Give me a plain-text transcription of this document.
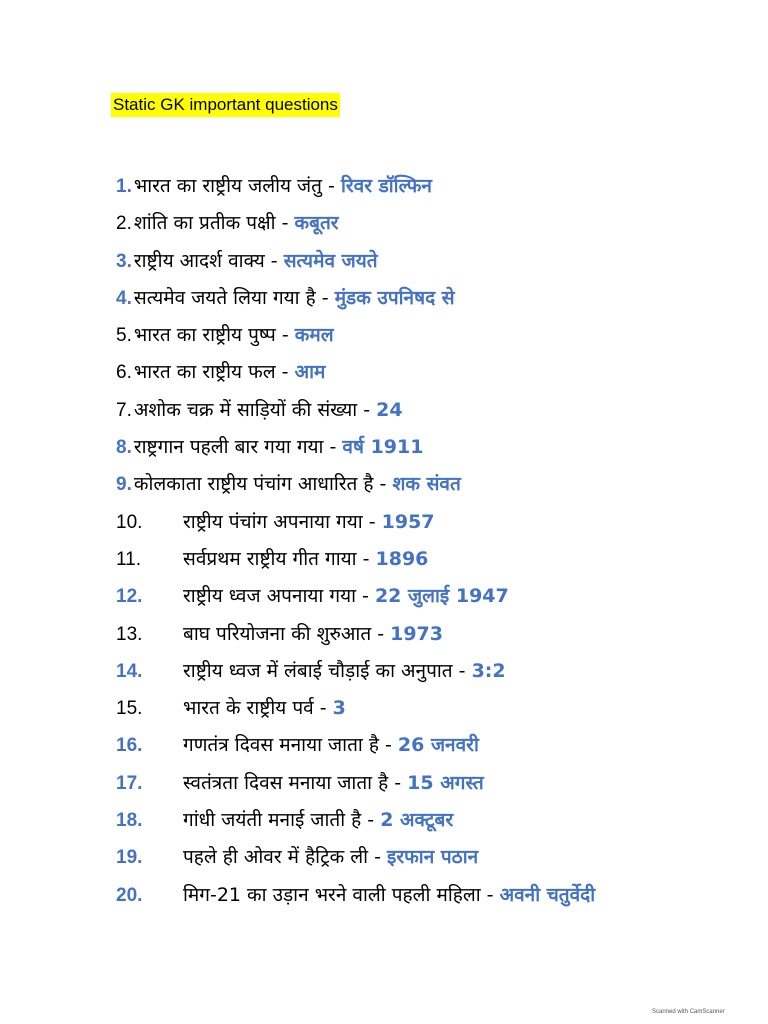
Static GK important questions
1. भारत का राष्ट्रीय जलीय जंतु - रिवर डॉल्फिन
2. शांति का प्रतीक पक्षी - कबूतर
3. राष्ट्रीय आदर्श वाक्य - सत्यमेव जयते
4. सत्यमेव जयते लिया गया है - मुंडक उपनिषद से
5. भारत का राष्ट्रीय पुष्प - कमल
6. भारत का राष्ट्रीय फल - आम
7. अशोक चक्र में साड़ियों की संख्या - 24
8. राष्ट्रगान पहली बार गया गया - वर्ष 1911
9. कोलकाता राष्ट्रीय पंचांग आधारित है - शक संवत
10. राष्ट्रीय पंचांग अपनाया गया - 1957
11. सर्वप्रथम राष्ट्रीय गीत गाया - 1896
12. राष्ट्रीय ध्वज अपनाया गया - 22 जुलाई 1947
13. बाघ परियोजना की शुरुआत - 1973
14. राष्ट्रीय ध्वज में लंबाई चौड़ाई का अनुपात - 3:2
15. भारत के राष्ट्रीय पर्व - 3
16. गणतंत्र दिवस मनाया जाता है - 26 जनवरी
17. स्वतंत्रता दिवस मनाया जाता है - 15 अगस्त
18. गांधी जयंती मनाई जाती है - 2 अक्टूबर
19. पहले ही ओवर में हैट्रिक ली - इरफान पठान
20. मिग-21 का उड़ान भरने वाली पहली महिला - अवनी चतुर्वेदी
Scanned with CamScanner
